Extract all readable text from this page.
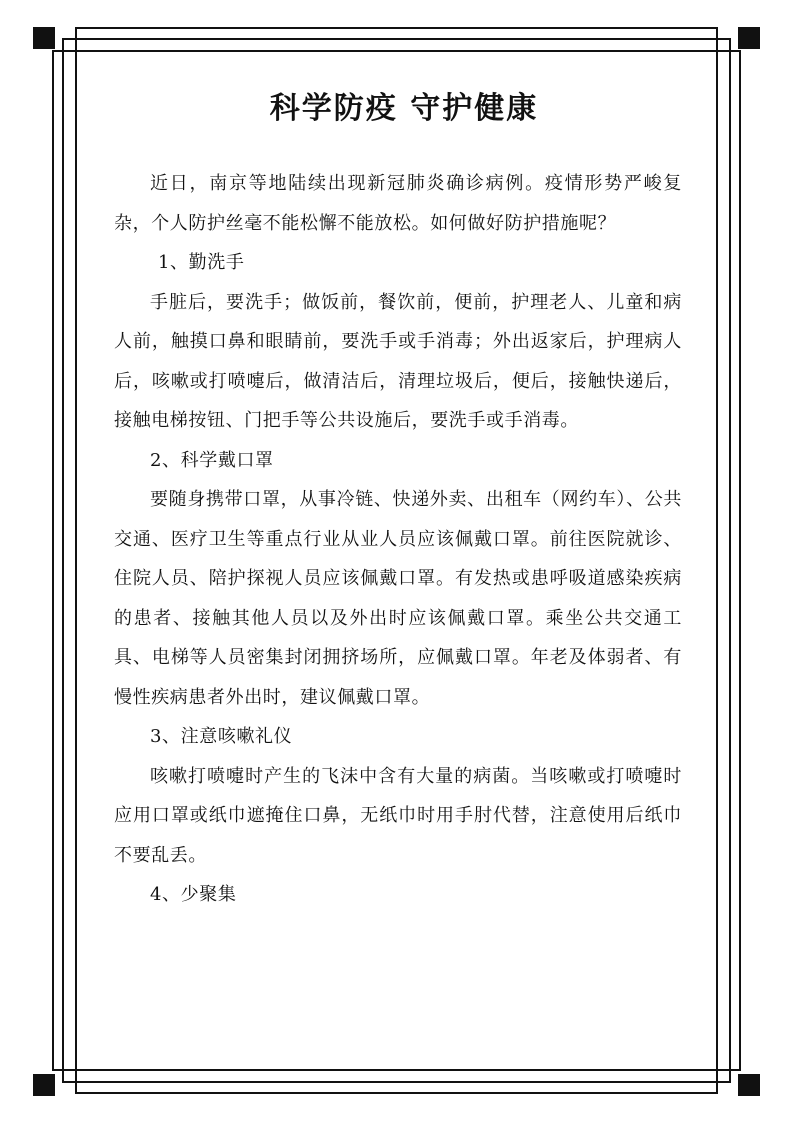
科学防疫 守护健康

近日，南京等地陆续出现新冠肺炎确诊病例。疫情形势严峻复杂，个人防护丝毫不能松懈不能放松。如何做好防护措施呢？

1、勤洗手

手脏后，要洗手；做饭前，餐饮前，便前，护理老人、儿童和病人前，触摸口鼻和眼睛前，要洗手或手消毒；外出返家后，护理病人后，咳嗽或打喷嚏后，做清洁后，清理垃圾后，便后，接触快递后，接触电梯按钮、门把手等公共设施后，要洗手或手消毒。

2、科学戴口罩

要随身携带口罩，从事冷链、快递外卖、出租车（网约车）、公共交通、医疗卫生等重点行业从业人员应该佩戴口罩。前往医院就诊、住院人员、陪护探视人员应该佩戴口罩。有发热或患呼吸道感染疾病的患者、接触其他人员以及外出时应该佩戴口罩。乘坐公共交通工具、电梯等人员密集封闭拥挤场所，应佩戴口罩。年老及体弱者、有慢性疾病患者外出时，建议佩戴口罩。

3、注意咳嗽礼仪

咳嗽打喷嚏时产生的飞沫中含有大量的病菌。当咳嗽或打喷嚏时应用口罩或纸巾遮掩住口鼻，无纸巾时用手肘代替，注意使用后纸巾不要乱丢。

4、少聚集
